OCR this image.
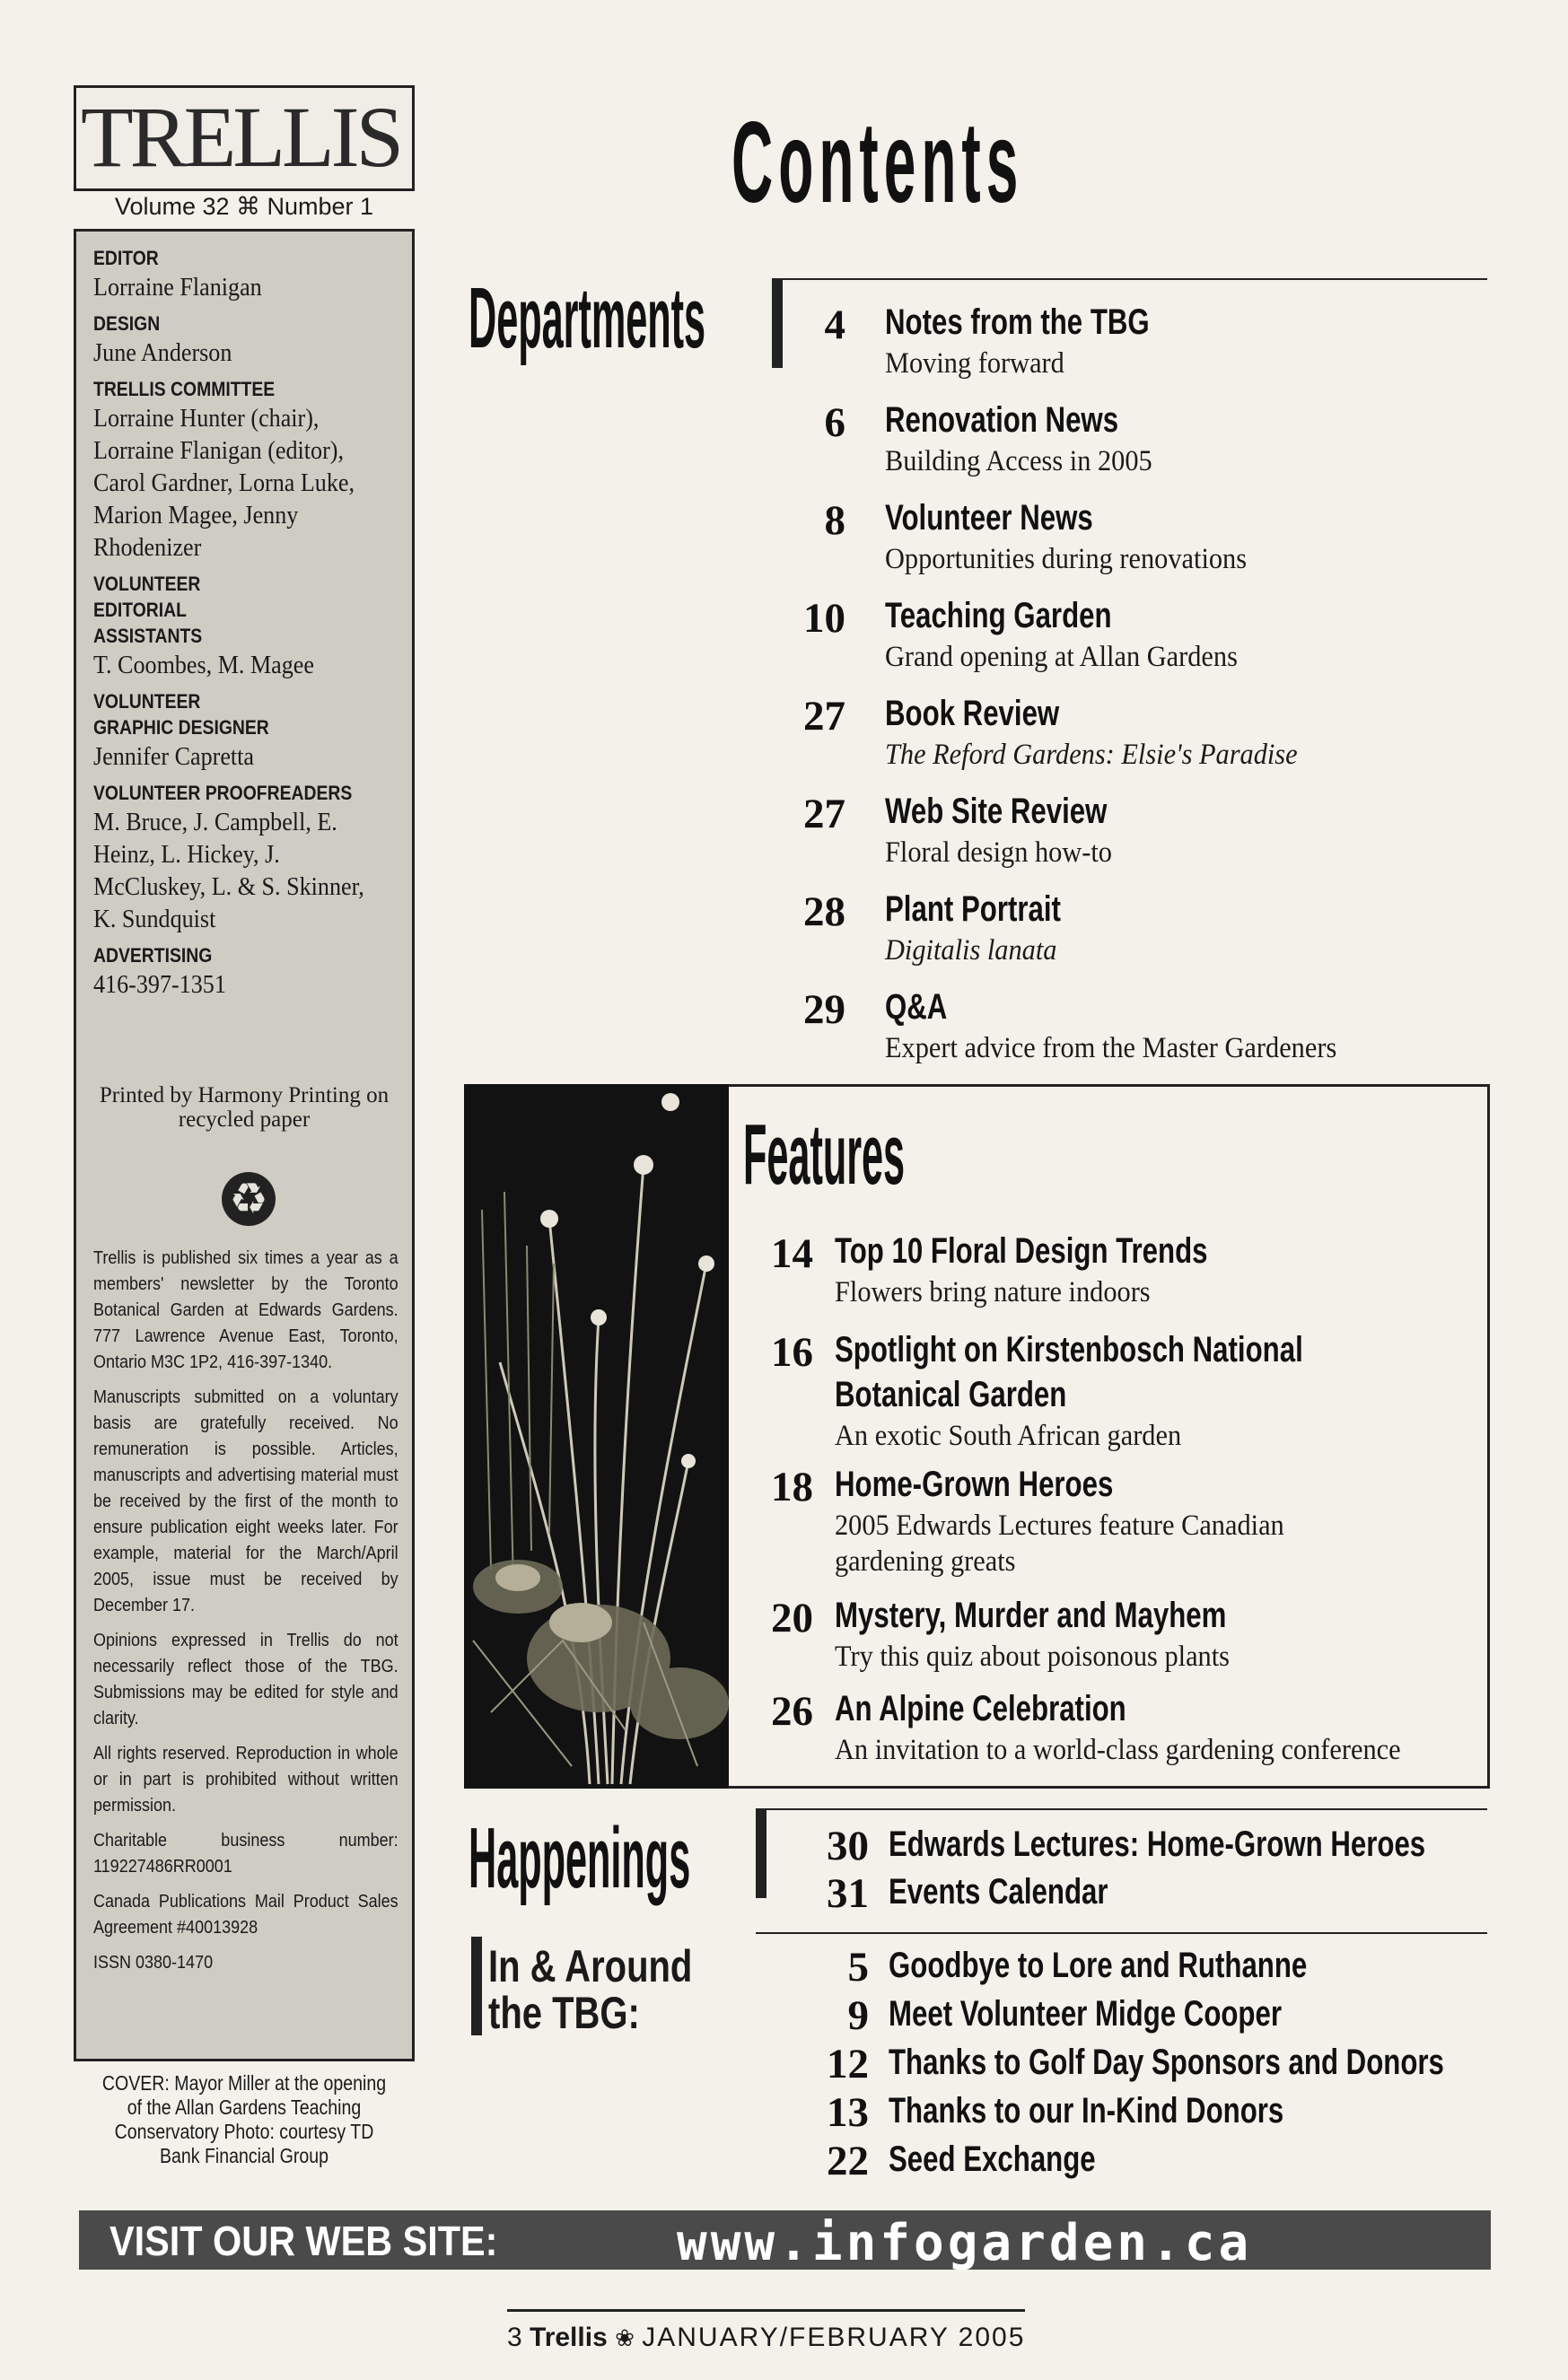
TRELLIS
Volume 32 ⌘ Number 1
EDITOR
Lorraine Flanigan
DESIGN
June Anderson
TRELLIS COMMITTEE
Lorraine Hunter (chair), Lorraine Flanigan (editor), Carol Gardner, Lorna Luke, Marion Magee, Jenny Rhodenizer
VOLUNTEER EDITORIAL ASSISTANTS
T. Coombes, M. Magee
VOLUNTEER GRAPHIC DESIGNER
Jennifer Capretta
VOLUNTEER PROOFREADERS
M. Bruce, J. Campbell, E. Heinz, L. Hickey, J. McCluskey, L. & S. Skinner, K. Sundquist
ADVERTISING
416-397-1351
Printed by Harmony Printing on recycled paper
♻

Trellis is published six times a year as a members' newsletter by the Toronto Botanical Garden at Edwards Gardens. 777 Lawrence Avenue East, Toronto, Ontario M3C 1P2, 416-397-1340.

Manuscripts submitted on a voluntary basis are gratefully received. No remuneration is possible. Articles, manuscripts and advertising material must be received by the first of the month to ensure publication eight weeks later. For example, material for the March/April 2005, issue must be received by December 17.

Opinions expressed in Trellis do not necessarily reflect those of the TBG. Submissions may be edited for style and clarity.

All rights reserved. Reproduction in whole or in part is prohibited without written permission.

Charitable business number: 119227486RR0001

Canada Publications Mail Product Sales Agreement #40013928

ISSN 0380-1470

COVER: Mayor Miller at the opening of the Allan Gardens Teaching Conservatory Photo: courtesy TD Bank Financial Group
Contents
Departments	4 Notes from the TBG
Moving forward
6 Renovation News
Building Access in 2005
8 Volunteer News
Opportunities during renovations
10 Teaching Garden
Grand opening at Allan Gardens
27 Book Review
The Reford Gardens: Elsie's Paradise
27 Web Site Review
Floral design how-to
28 Plant Portrait
Digitalis lanata
29 Q&A
Expert advice from the Master Gardeners
Features
14 Top 10 Floral Design Trends
Flowers bring nature indoors
16 Spotlight on Kirstenbosch National
Botanical Garden
An exotic South African garden
18 Home-Grown Heroes
2005 Edwards Lectures feature Canadian
gardening greats
20 Mystery, Murder and Mayhem
Try this quiz about poisonous plants
26 An Alpine Celebration
An invitation to a world-class gardening conference
Happenings	30 Edwards Lectures: Home-Grown Heroes
31 Events Calendar
In & Around the TBG:
5 Goodbye to Lore and Ruthanne
9 Meet Volunteer Midge Cooper
12 Thanks to Golf Day Sponsors and Donors
13 Thanks to our In-Kind Donors
22 Seed Exchange
VISIT OUR WEB SITE:	www.infogarden.ca
3 Trellis ❀ JANUARY/FEBRUARY 2005
